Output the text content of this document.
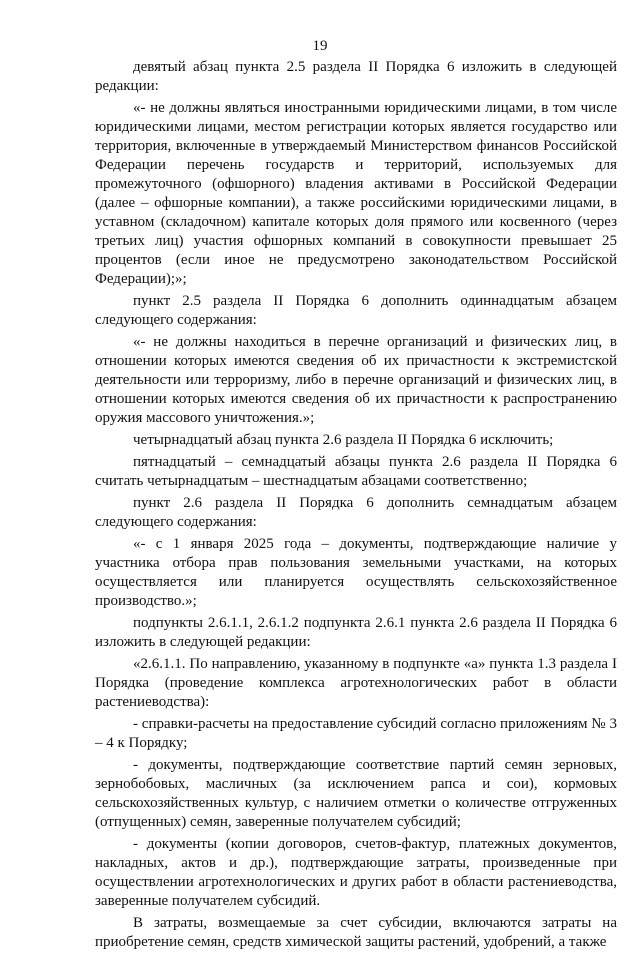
19

девятый абзац пункта 2.5 раздела II Порядка 6 изложить в следующей редакции:

«- не должны являться иностранными юридическими лицами, в том числе юридическими лицами, местом регистрации которых является государство или территория, включенные в утверждаемый Министерством финансов Российской Федерации перечень государств и территорий, используемых для промежуточного (офшорного) владения активами в Российской Федерации (далее – офшорные компании), а также российскими юридическими лицами, в уставном (складочном) капитале которых доля прямого или косвенного (через третьих лиц) участия офшорных компаний в совокупности превышает 25 процентов (если иное не предусмотрено законодательством Российской Федерации);»;

пункт 2.5 раздела II Порядка 6 дополнить одиннадцатым абзацем следующего содержания:

«- не должны находиться в перечне организаций и физических лиц, в отношении которых имеются сведения об их причастности к экстремистской деятельности или терроризму, либо в перечне организаций и физических лиц, в отношении которых имеются сведения об их причастности к распространению оружия массового уничтожения.»;

четырнадцатый абзац пункта 2.6 раздела II Порядка 6 исключить;

пятнадцатый – семнадцатый абзацы пункта 2.6 раздела II Порядка 6 считать четырнадцатым – шестнадцатым абзацами соответственно;

пункт 2.6 раздела II Порядка 6 дополнить семнадцатым абзацем следующего содержания:

«- с 1 января 2025 года – документы, подтверждающие наличие у участника отбора прав пользования земельными участками, на которых осуществляется или планируется осуществлять сельскохозяйственное производство.»;

подпункты 2.6.1.1, 2.6.1.2 подпункта 2.6.1 пункта 2.6 раздела II Порядка 6 изложить в следующей редакции:

«2.6.1.1. По направлению, указанному в подпункте «а» пункта 1.3 раздела I Порядка (проведение комплекса агротехнологических работ в области растениеводства):

- справки-расчеты на предоставление субсидий согласно приложениям № 3 – 4 к Порядку;

- документы, подтверждающие соответствие партий семян зерновых, зернобобовых, масличных (за исключением рапса и сои), кормовых сельскохозяйственных культур, с наличием отметки о количестве отгруженных (отпущенных) семян, заверенные получателем субсидий;

- документы (копии договоров, счетов-фактур, платежных документов, накладных, актов и др.), подтверждающие затраты, произведенные при осуществлении агротехнологических и других работ в области растениеводства, заверенные получателем субсидий.

В затраты, возмещаемые за счет субсидии, включаются затраты на приобретение семян, средств химической защиты растений, удобрений, а также
